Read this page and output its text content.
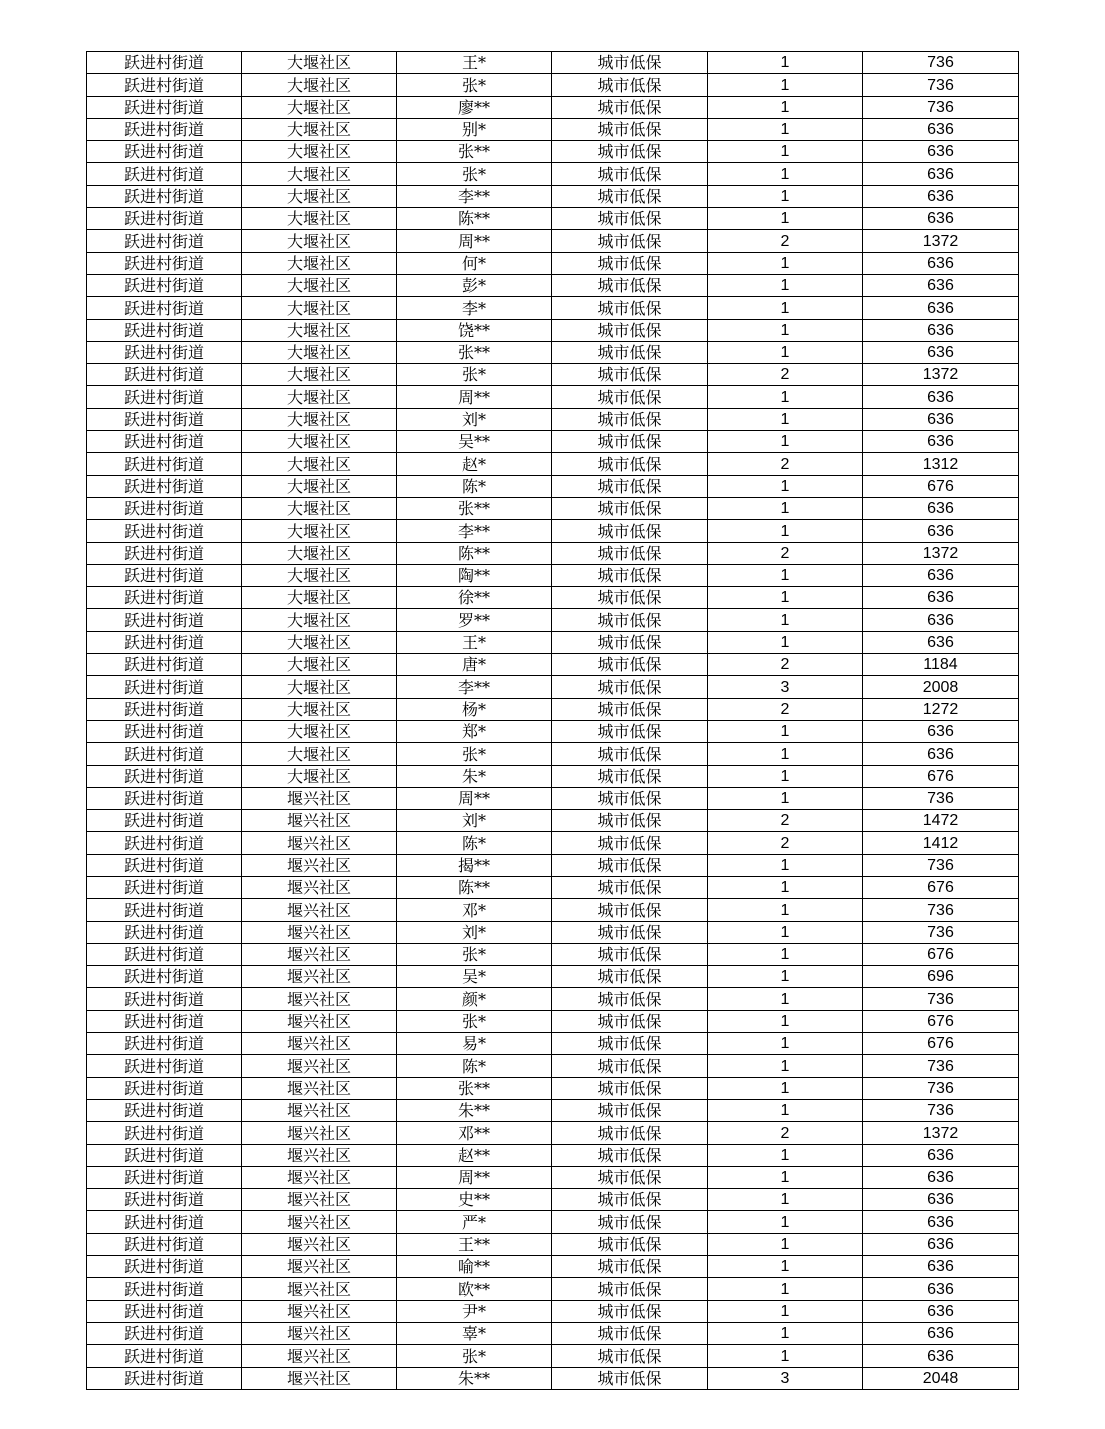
跃进村街道	大堰社区	王*	城市低保	1	736
跃进村街道	大堰社区	张*	城市低保	1	736
跃进村街道	大堰社区	廖**	城市低保	1	736
跃进村街道	大堰社区	别*	城市低保	1	636
跃进村街道	大堰社区	张**	城市低保	1	636
跃进村街道	大堰社区	张*	城市低保	1	636
跃进村街道	大堰社区	李**	城市低保	1	636
跃进村街道	大堰社区	陈**	城市低保	1	636
跃进村街道	大堰社区	周**	城市低保	2	1372
跃进村街道	大堰社区	何*	城市低保	1	636
跃进村街道	大堰社区	彭*	城市低保	1	636
跃进村街道	大堰社区	李*	城市低保	1	636
跃进村街道	大堰社区	饶**	城市低保	1	636
跃进村街道	大堰社区	张**	城市低保	1	636
跃进村街道	大堰社区	张*	城市低保	2	1372
跃进村街道	大堰社区	周**	城市低保	1	636
跃进村街道	大堰社区	刘*	城市低保	1	636
跃进村街道	大堰社区	吴**	城市低保	1	636
跃进村街道	大堰社区	赵*	城市低保	2	1312
跃进村街道	大堰社区	陈*	城市低保	1	676
跃进村街道	大堰社区	张**	城市低保	1	636
跃进村街道	大堰社区	李**	城市低保	1	636
跃进村街道	大堰社区	陈**	城市低保	2	1372
跃进村街道	大堰社区	陶**	城市低保	1	636
跃进村街道	大堰社区	徐**	城市低保	1	636
跃进村街道	大堰社区	罗**	城市低保	1	636
跃进村街道	大堰社区	王*	城市低保	1	636
跃进村街道	大堰社区	唐*	城市低保	2	1184
跃进村街道	大堰社区	李**	城市低保	3	2008
跃进村街道	大堰社区	杨*	城市低保	2	1272
跃进村街道	大堰社区	郑*	城市低保	1	636
跃进村街道	大堰社区	张*	城市低保	1	636
跃进村街道	大堰社区	朱*	城市低保	1	676
跃进村街道	堰兴社区	周**	城市低保	1	736
跃进村街道	堰兴社区	刘*	城市低保	2	1472
跃进村街道	堰兴社区	陈*	城市低保	2	1412
跃进村街道	堰兴社区	揭**	城市低保	1	736
跃进村街道	堰兴社区	陈**	城市低保	1	676
跃进村街道	堰兴社区	邓*	城市低保	1	736
跃进村街道	堰兴社区	刘*	城市低保	1	736
跃进村街道	堰兴社区	张*	城市低保	1	676
跃进村街道	堰兴社区	吴*	城市低保	1	696
跃进村街道	堰兴社区	颜*	城市低保	1	736
跃进村街道	堰兴社区	张*	城市低保	1	676
跃进村街道	堰兴社区	易*	城市低保	1	676
跃进村街道	堰兴社区	陈*	城市低保	1	736
跃进村街道	堰兴社区	张**	城市低保	1	736
跃进村街道	堰兴社区	朱**	城市低保	1	736
跃进村街道	堰兴社区	邓**	城市低保	2	1372
跃进村街道	堰兴社区	赵**	城市低保	1	636
跃进村街道	堰兴社区	周**	城市低保	1	636
跃进村街道	堰兴社区	史**	城市低保	1	636
跃进村街道	堰兴社区	严*	城市低保	1	636
跃进村街道	堰兴社区	王**	城市低保	1	636
跃进村街道	堰兴社区	喻**	城市低保	1	636
跃进村街道	堰兴社区	欧**	城市低保	1	636
跃进村街道	堰兴社区	尹*	城市低保	1	636
跃进村街道	堰兴社区	辜*	城市低保	1	636
跃进村街道	堰兴社区	张*	城市低保	1	636
跃进村街道	堰兴社区	朱**	城市低保	3	2048
